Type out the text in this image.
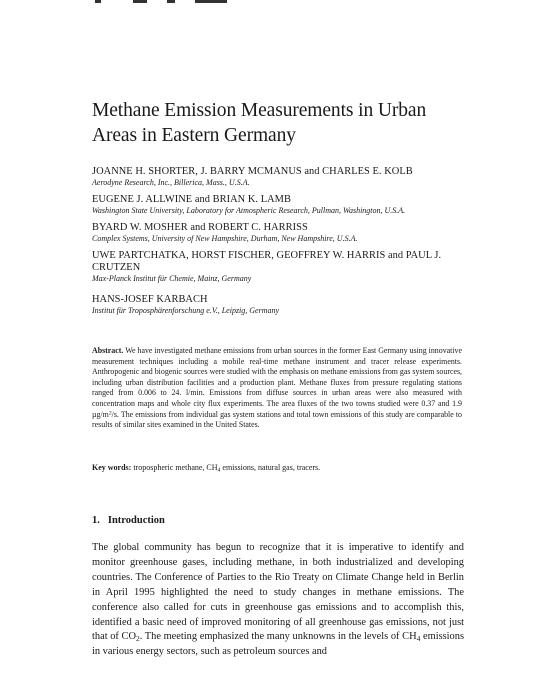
Methane Emission Measurements in Urban Areas in Eastern Germany

JOANNE H. SHORTER, J. BARRY MCMANUS and CHARLES E. KOLB

Aerodyne Research, Inc., Billerica, Mass., U.S.A.

EUGENE J. ALLWINE and BRIAN K. LAMB

Washington State University, Laboratory for Atmospheric Research, Pullman, Washington, U.S.A.

BYARD W. MOSHER and ROBERT C. HARRISS

Complex Systems, University of New Hampshire, Durham, New Hampshire, U.S.A.

UWE PARTCHATKA, HORST FISCHER, GEOFFREY W. HARRIS and PAUL J. CRUTZEN

Max-Planck Institut für Chemie, Mainz, Germany

HANS-JOSEF KARBACH

Institut für Troposphärenforschung e.V., Leipzig, Germany

Abstract. We have investigated methane emissions from urban sources in the former East Germany using innovative measurement techniques including a mobile real-time methane instrument and tracer release experiments. Anthropogenic and biogenic sources were studied with the emphasis on methane emissions from gas system sources, including urban distribution facilities and a production plant. Methane fluxes from pressure regulating stations ranged from 0.006 to 24. l/min. Emissions from diffuse sources in urban areas were also measured with concentration maps and whole city flux experiments. The area fluxes of the two towns studied were 0.37 and 1.9 $\mu g/m^2/s$. The emissions from individual gas system stations and total town emissions of this study are comparable to results of similar sites examined in the United States.

Key words: tropospheric methane, $CH_4$ emissions, natural gas, tracers.

1. Introduction

The global community has begun to recognize that it is imperative to identify and monitor greenhouse gases, including methane, in both industrialized and developing countries. The Conference of Parties to the Rio Treaty on Climate Change held in Berlin in April 1995 highlighted the need to study changes in methane emissions. The conference also called for cuts in greenhouse gas emissions and to accomplish this, identified a basic need of improved monitoring of all greenhouse gas emissions, not just that of $CO_2$. The meeting emphasized the many unknowns in the levels of $CH_4$ emissions in various energy sectors, such as petroleum sources and
